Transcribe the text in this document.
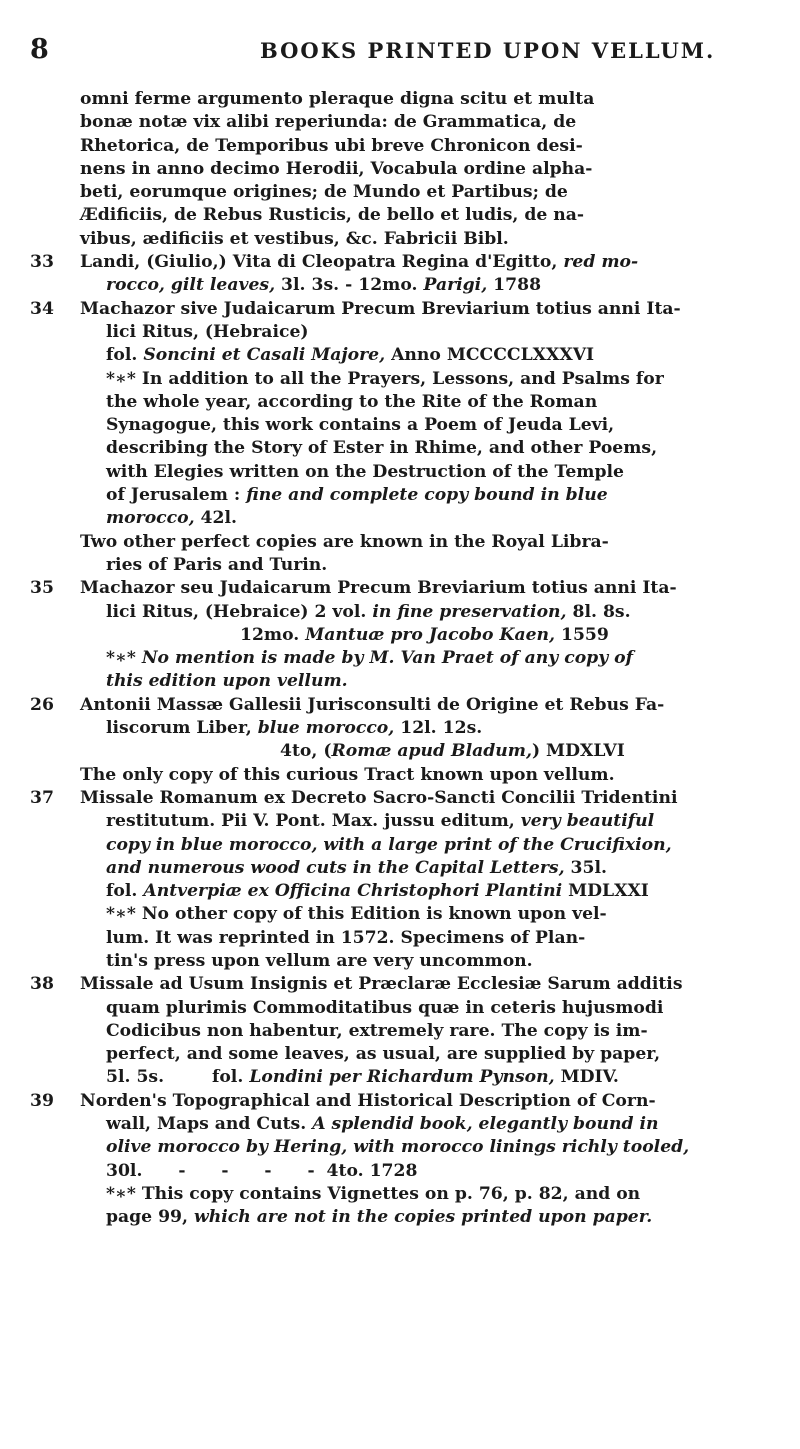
8	BOOKS PRINTED UPON VELLUM.
omni ferme argumento pleraque digna scitu et multa
bonæ notæ vix alibi reperiunda: de Grammatica, de
Rhetorica, de Temporibus ubi breve Chronicon desi-
nens in anno decimo Herodii, Vocabula ordine alpha-
beti, eorumque origines; de Mundo et Partibus; de
Ædificiis, de Rebus Rusticis, de bello et ludis, de na-
vibus, ædificiis et vestibus, &c. Fabricii Bibl.
33	Landi, (Giulio,) Vita di Cleopatra Regina d'Egitto, red mo-
rocco, gilt leaves, 3l. 3s. - 12mo. Parigi, 1788
34	Machazor sive Judaicarum Precum Breviarium totius anni Ita-
lici Ritus, (Hebraice)
fol. Soncini et Casali Majore, Anno MCCCCLXXXVI
*∗* In addition to all the Prayers, Lessons, and Psalms for
the whole year, according to the Rite of the Roman
Synagogue, this work contains a Poem of Jeuda Levi,
describing the Story of Ester in Rhime, and other Poems,
with Elegies written on the Destruction of the Temple
of Jerusalem : fine and complete copy bound in blue
morocco, 42l.
Two other perfect copies are known in the Royal Libra-
ries of Paris and Turin.
35	Machazor seu Judaicarum Precum Breviarium totius anni Ita-
lici Ritus, (Hebraice) 2 vol. in fine preservation, 8l. 8s.
12mo. Mantuæ pro Jacobo Kaen, 1559
*∗* No mention is made by M. Van Praet of any copy of
this edition upon vellum.
26	Antonii Massæ Gallesii Jurisconsulti de Origine et Rebus Fa-
liscorum Liber, blue morocco, 12l. 12s.
4to, (Romæ apud Bladum,) MDXLVI
The only copy of this curious Tract known upon vellum.
37	Missale Romanum ex Decreto Sacro-Sancti Concilii Tridentini
restitutum. Pii V. Pont. Max. jussu editum, very beautiful
copy in blue morocco, with a large print of the Crucifixion,
and numerous wood cuts in the Capital Letters, 35l.
fol. Antverpiæ ex Officina Christophori Plantini MDLXXI
*∗* No other copy of this Edition is known upon vel-
lum. It was reprinted in 1572. Specimens of Plan-
tin's press upon vellum are very uncommon.
38	Missale ad Usum Insignis et Præclaræ Ecclesiæ Sarum additis
quam plurimis Commoditatibus quæ in ceteris hujusmodi
Codicibus non habentur, extremely rare. The copy is im-
perfect, and some leaves, as usual, are supplied by paper,
5l. 5s.        fol. Londini per Richardum Pynson, MDIV.
39	Norden's Topographical and Historical Description of Corn-
wall, Maps and Cuts. A splendid book, elegantly bound in
olive morocco by Hering, with morocco linings richly tooled,
30l.      -      -      -      -  4to. 1728
*∗* This copy contains Vignettes on p. 76, p. 82, and on
page 99, which are not in the copies printed upon paper.
